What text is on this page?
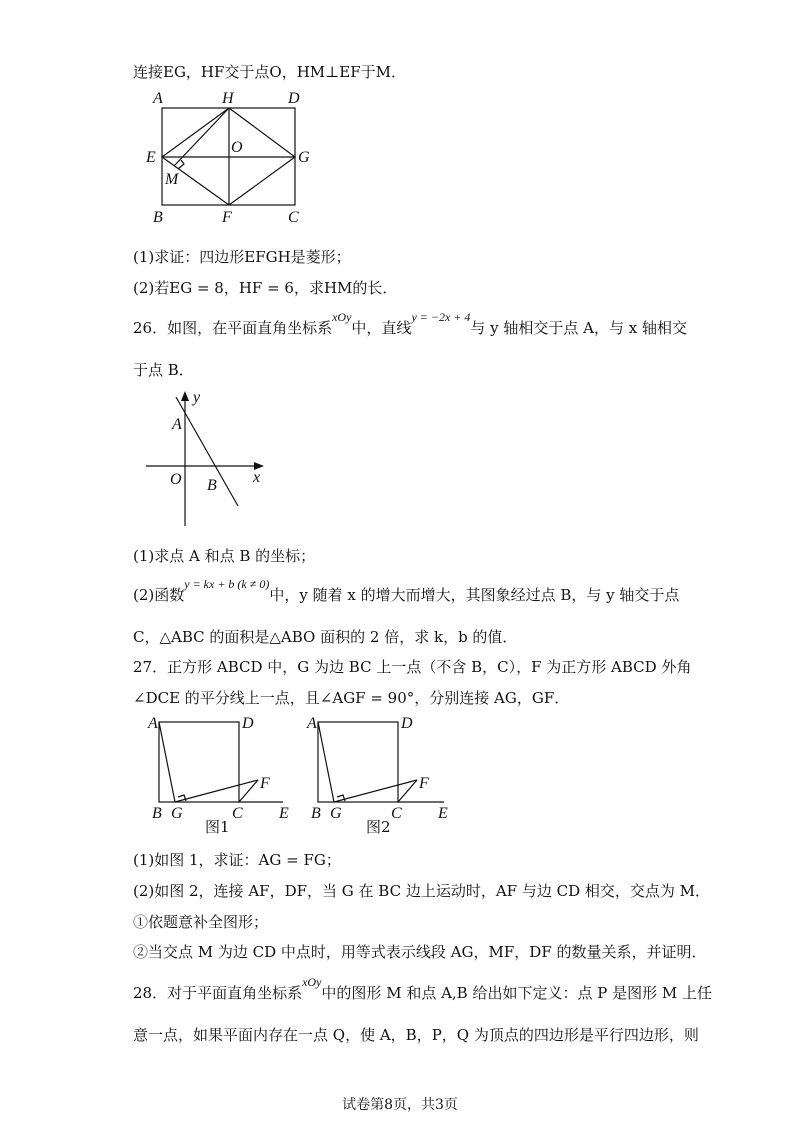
连接EG，HF交于点O，HM⊥EF于M．
A	H	D
E
O
G
M
B	F	C
(1)求证：四边形EFGH是菱形；
(2)若EG = 8，HF = 6，求HM的长．
26．如图，在平面直角坐标系$^{xOy}$中，直线$^{y = -2x + 4}$与 y 轴相交于点 A，与 x 轴相交
于点 B．
y
A
O B x
(1)求点 A 和点 B 的坐标；
(2)函数$^{y = kx + b (k \ne 0)}$中，y 随着 x 的增大而增大，其图象经过点 B，与 y 轴交于点
C，△ABC 的面积是△ABO 面积的 2 倍，求 k，b 的值．
27．正方形 ABCD 中，G 为边 BC 上一点（不含 B，C），F 为正方形 ABCD 外角
∠DCE 的平分线上一点，且∠AGF = 90°，分别连接 AG，GF．
A	D
F
B G	C E
图1
A	D
F
B G	C E
图2
(1)如图 1，求证：AG = FG；
(2)如图 2，连接 AF，DF，当 G 在 BC 边上运动时，AF 与边 CD 相交，交点为 M．
①依题意补全图形；
②当交点 M 为边 CD 中点时，用等式表示线段 AG，MF，DF 的数量关系，并证明．
28．对于平面直角坐标系$^{xOy}$中的图形 M 和点 A,B 给出如下定义：点 P 是图形 M 上任
意一点，如果平面内存在一点 Q，使 A，B，P，Q 为顶点的四边形是平行四边形，则
试卷第8页，共3页
